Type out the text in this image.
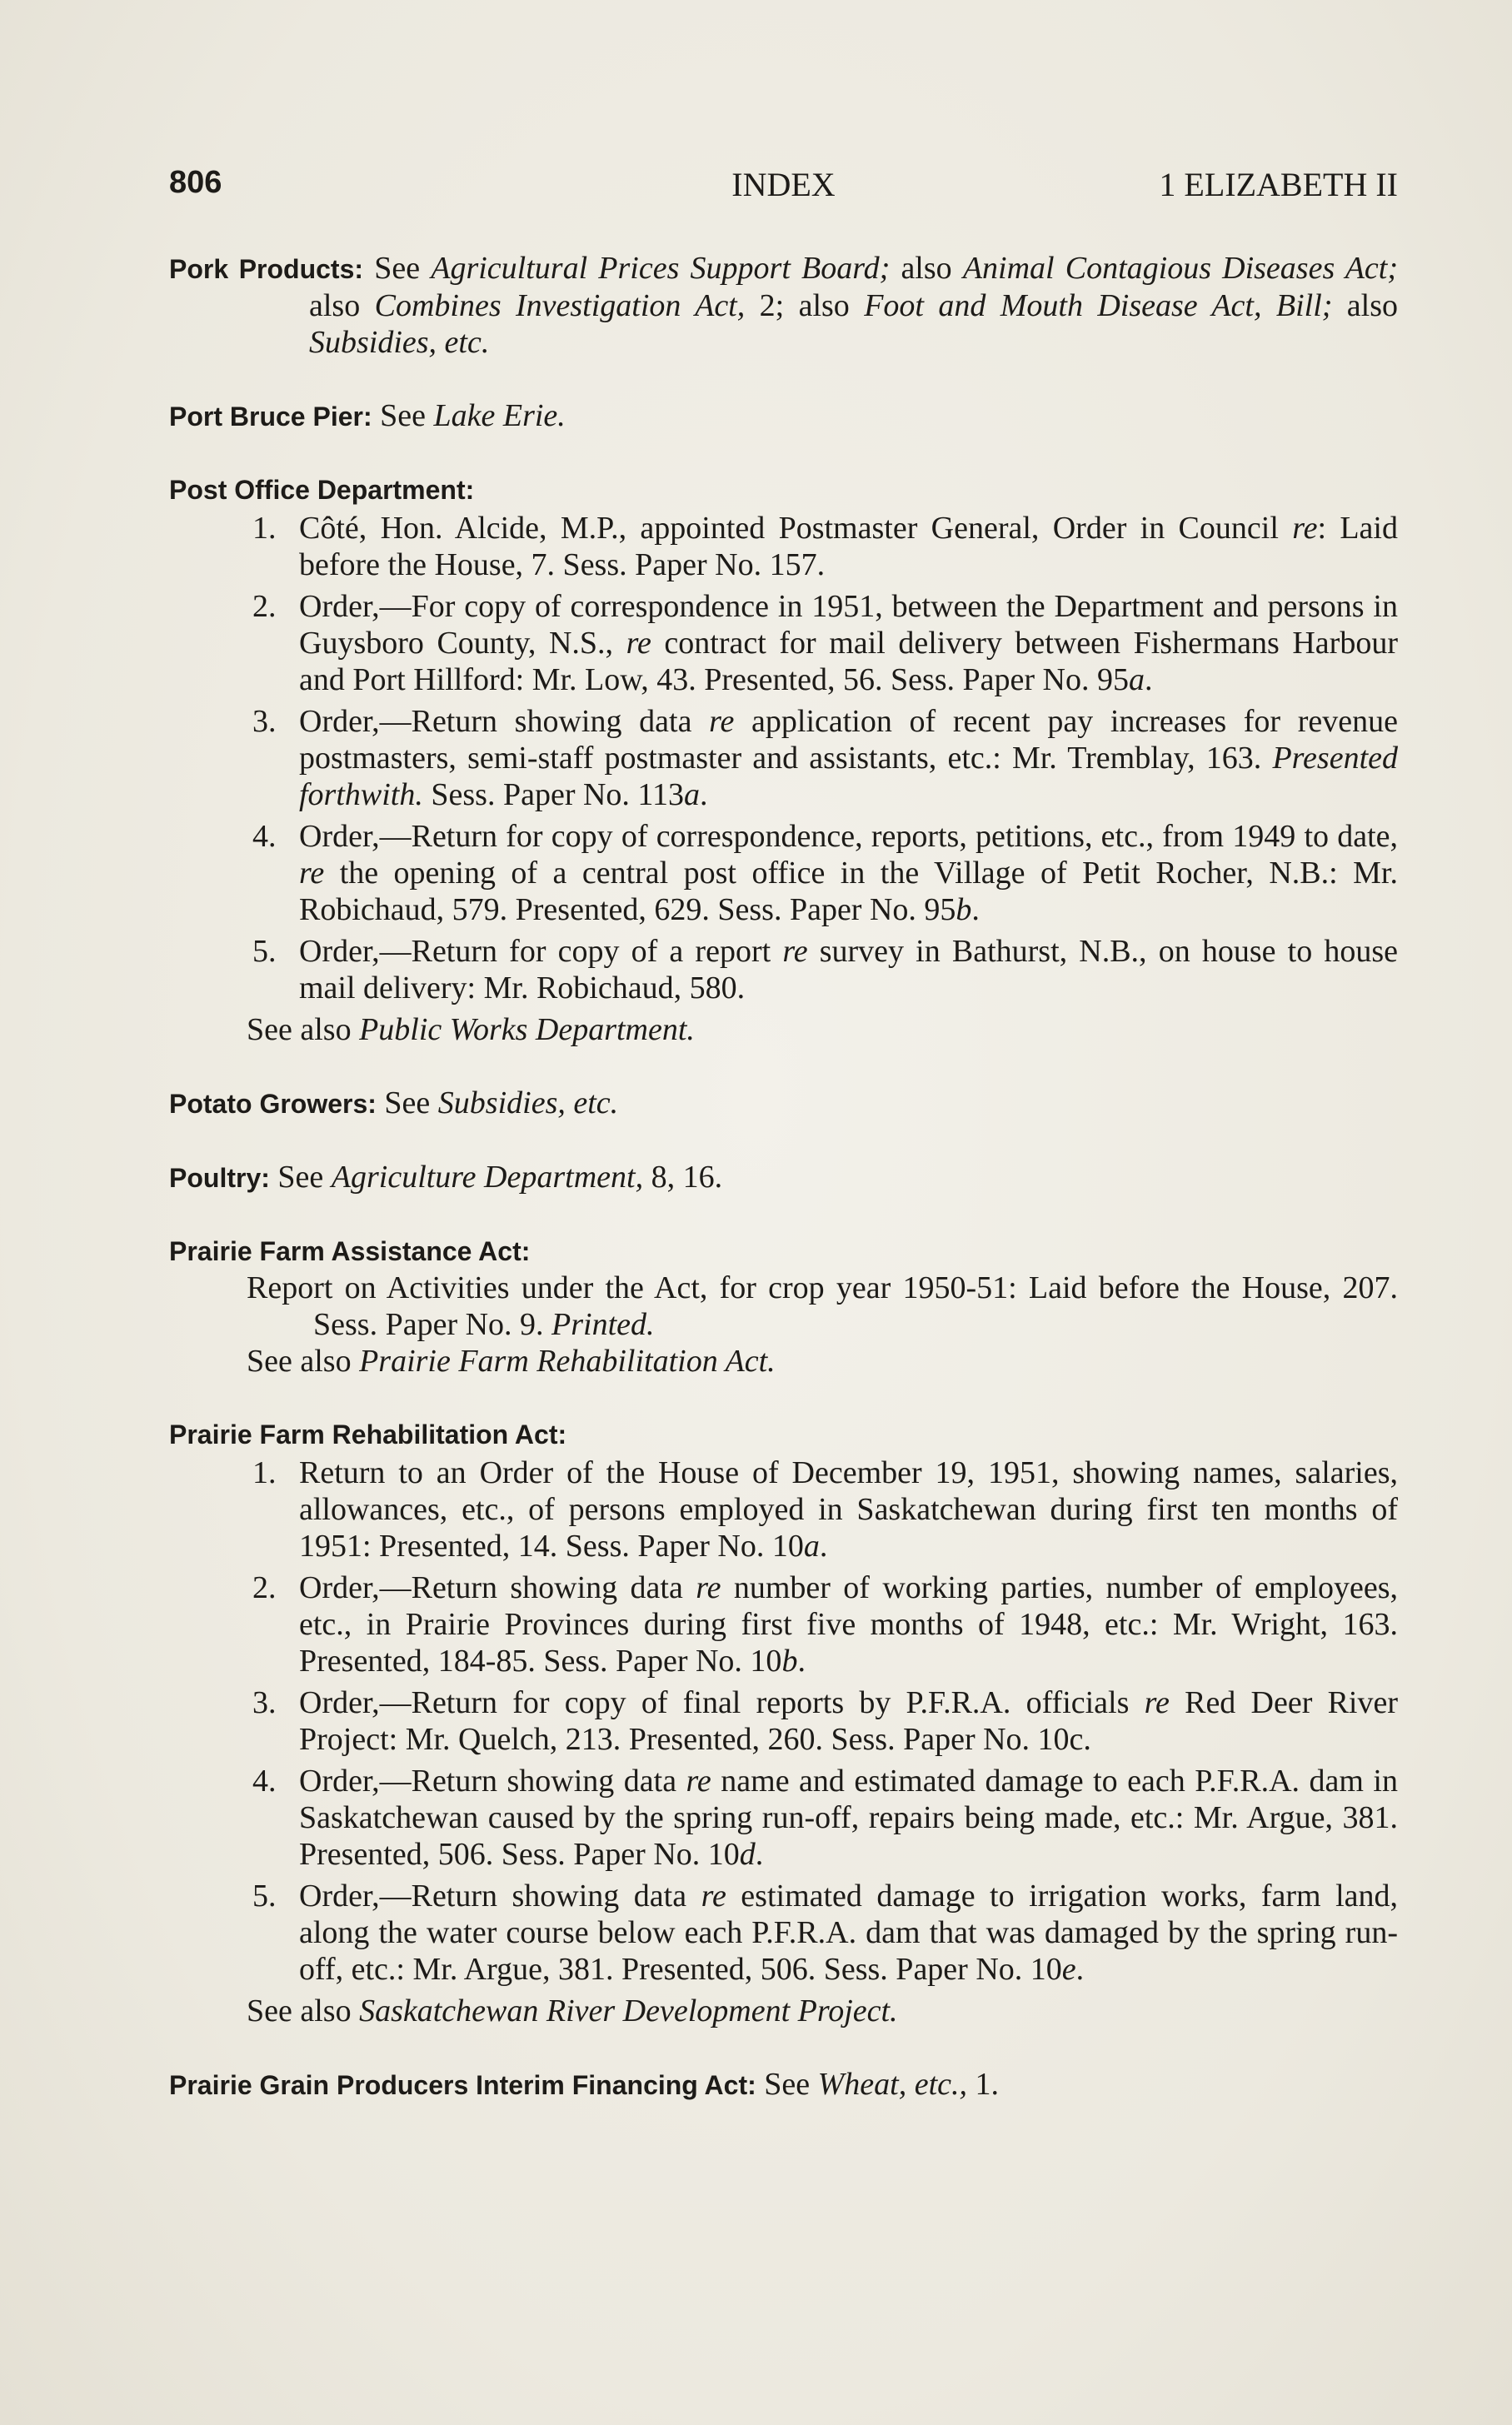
806	INDEX	1 ELIZABETH II
Pork Products: See Agricultural Prices Support Board; also Animal Contagious Diseases Act; also Combines Investigation Act, 2; also Foot and Mouth Disease Act, Bill; also Subsidies, etc.
Port Bruce Pier: See Lake Erie.
Post Office Department:
1. Côté, Hon. Alcide, M.P., appointed Postmaster General, Order in Council re: Laid before the House, 7. Sess. Paper No. 157.
2. Order,—For copy of correspondence in 1951, between the Department and persons in Guysboro County, N.S., re contract for mail delivery between Fishermans Harbour and Port Hillford: Mr. Low, 43. Presented, 56. Sess. Paper No. 95a.
3. Order,—Return showing data re application of recent pay increases for revenue postmasters, semi-staff postmaster and assistants, etc.: Mr. Tremblay, 163. Presented forthwith. Sess. Paper No. 113a.
4. Order,—Return for copy of correspondence, reports, petitions, etc., from 1949 to date, re the opening of a central post office in the Village of Petit Rocher, N.B.: Mr. Robichaud, 579. Presented, 629. Sess. Paper No. 95b.
5. Order,—Return for copy of a report re survey in Bathurst, N.B., on house to house mail delivery: Mr. Robichaud, 580.
See also Public Works Department.
Potato Growers: See Subsidies, etc.
Poultry: See Agriculture Department, 8, 16.
Prairie Farm Assistance Act:
Report on Activities under the Act, for crop year 1950-51: Laid before the House, 207. Sess. Paper No. 9. Printed.
See also Prairie Farm Rehabilitation Act.
Prairie Farm Rehabilitation Act:
1. Return to an Order of the House of December 19, 1951, showing names, salaries, allowances, etc., of persons employed in Saskatchewan during first ten months of 1951: Presented, 14. Sess. Paper No. 10a.
2. Order,—Return showing data re number of working parties, number of employees, etc., in Prairie Provinces during first five months of 1948, etc.: Mr. Wright, 163. Presented, 184-85. Sess. Paper No. 10b.
3. Order,—Return for copy of final reports by P.F.R.A. officials re Red Deer River Project: Mr. Quelch, 213. Presented, 260. Sess. Paper No. 10c.
4. Order,—Return showing data re name and estimated damage to each P.F.R.A. dam in Saskatchewan caused by the spring run-off, repairs being made, etc.: Mr. Argue, 381. Presented, 506. Sess. Paper No. 10d.
5. Order,—Return showing data re estimated damage to irrigation works, farm land, along the water course below each P.F.R.A. dam that was damaged by the spring run-off, etc.: Mr. Argue, 381. Presented, 506. Sess. Paper No. 10e.
See also Saskatchewan River Development Project.
Prairie Grain Producers Interim Financing Act: See Wheat, etc., 1.
